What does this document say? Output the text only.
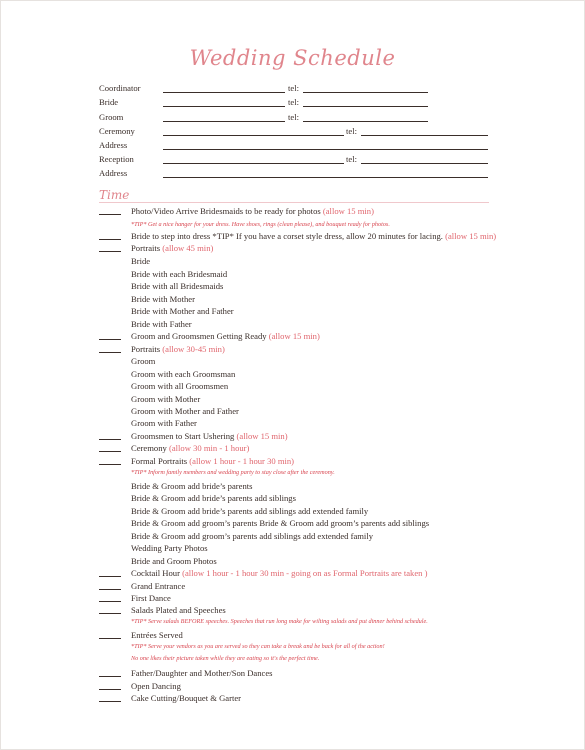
Wedding Schedule
Coordinator	tel:
Bride	tel:
Groom	tel:
Ceremony	tel:
Address
Reception	tel:
Address
Time
Photo/Video Arrive Bridesmaids to be ready for photos (allow 15 min)
*TIP* Get a nice hanger for your dress. Have shoes, rings (clean please), and bouquet ready for photos.
Bride to step into dress *TIP* If you have a corset style dress, allow 20 minutes for lacing. (allow 15 min)
Portraits (allow 45 min)
Bride
Bride with each Bridesmaid
Bride with all Bridesmaids
Bride with Mother
Bride with Mother and Father
Bride with Father
Groom and Groomsmen Getting Ready (allow 15 min)
Portraits (allow 30-45 min)
Groom
Groom with each Groomsman
Groom with all Groomsmen
Groom with Mother
Groom with Mother and Father
Groom with Father
Groomsmen to Start Ushering (allow 15 min)
Ceremony (allow 30 min - 1 hour)
Formal Portraits (allow 1 hour - 1 hour 30 min)
*TIP* Inform family members and wedding party to stay close after the ceremony.
Bride & Groom add bride’s parents
Bride & Groom add bride’s parents add siblings
Bride & Groom add bride’s parents add siblings add extended family
Bride & Groom add groom’s parents Bride & Groom add groom’s parents add siblings
Bride & Groom add groom’s parents add siblings add extended family
Wedding Party Photos
Bride and Groom Photos
Cocktail Hour (allow 1 hour - 1 hour 30 min - going on as Formal Portraits are taken )
Grand Entrance
First Dance
Salads Plated and Speeches
*TIP* Serve salads BEFORE speeches. Speeches that run long make for wilting salads and put dinner behind schedule.
Entrées Served
*TIP* Serve your vendors as you are served so they can take a break and be back for all of the action!
No one likes their picture taken while they are eating so it's the perfect time.
Father/Daughter and Mother/Son Dances
Open Dancing
Cake Cutting/Bouquet & Garter
